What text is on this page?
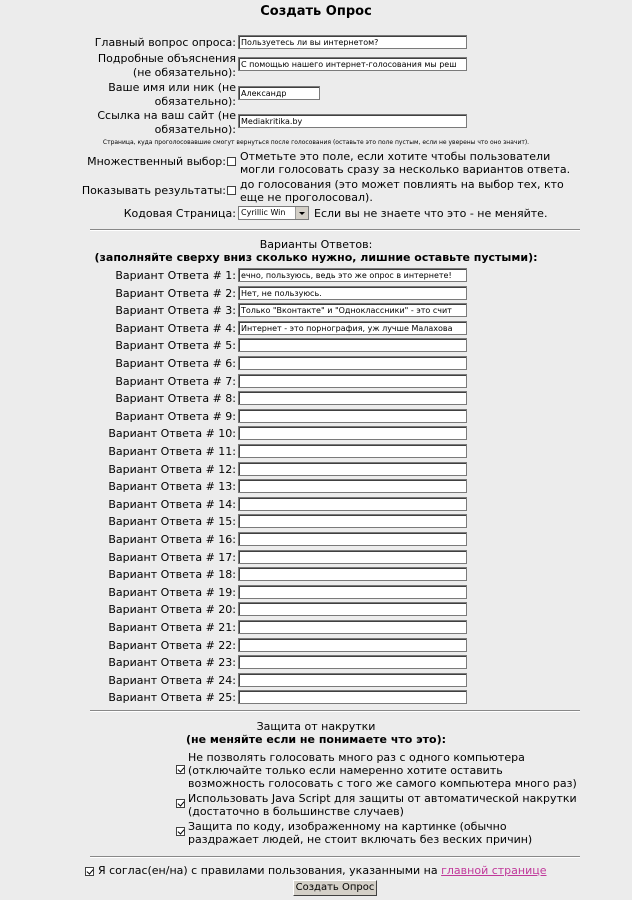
Создать Опрос
Главный вопрос опроса: Пользуетесь ли вы интернетом?
Подробные объяснения (не обязательно):
С помощью нашего интернет-голосования мы реш
Ваше имя или ник (не обязательно):
Александр
Ссылка на ваш сайт (не обязательно):
Mediakritika.by
Страница, куда проголосовавшие смогут вернуться после голосования (оставьте это поле пустым, если не уверены что оно значит).
Множественный выбор: Отметьте это поле, если хотите чтобы пользователи могли голосовать сразу за несколько вариантов ответа.
Показывать результаты: до голосования (это может повлиять на выбор тех, кто еще не проголосовал).
Кодовая Страница: Cyrillic Win	Если вы не знаете что это - не меняйте.
Варианты Ответов:
(заполняйте сверху вниз сколько нужно, лишние оставьте пустыми):
Вариант Ответа # 1: ечно, пользуюсь, ведь это же опрос в интернете!
Вариант Ответа # 2: Нет, не пользуюсь.
Вариант Ответа # 3: Только "Вконтакте" и "Одноклассники" - это счит
Вариант Ответа # 4: Интернет - это порнография, уж лучше Малахова
Вариант Ответа # 5:
Вариант Ответа # 6:
Вариант Ответа # 7:
Вариант Ответа # 8:
Вариант Ответа # 9:
Вариант Ответа # 10:
Вариант Ответа # 11:
Вариант Ответа # 12:
Вариант Ответа # 13:
Вариант Ответа # 14:
Вариант Ответа # 15:
Вариант Ответа # 16:
Вариант Ответа # 17:
Вариант Ответа # 18:
Вариант Ответа # 19:
Вариант Ответа # 20:
Вариант Ответа # 21:
Вариант Ответа # 22:
Вариант Ответа # 23:
Вариант Ответа # 24:
Вариант Ответа # 25:
Защита от накрутки
(не меняйте если не понимаете что это):
Не позволять голосовать много раз с одного компьютера (отключайте только если намеренно хотите оставить возможность голосовать с того же самого компьютера много раз)
Использовать Java Script для защиты от автоматической накрутки (достаточно в большинстве случаев)
Защита по коду, изображенному на картинке (обычно раздражает людей, не стоит включать без веских причин)
Я соглас(ен/на) с правилами пользования, указанными на главной странице
Создать Опрос
